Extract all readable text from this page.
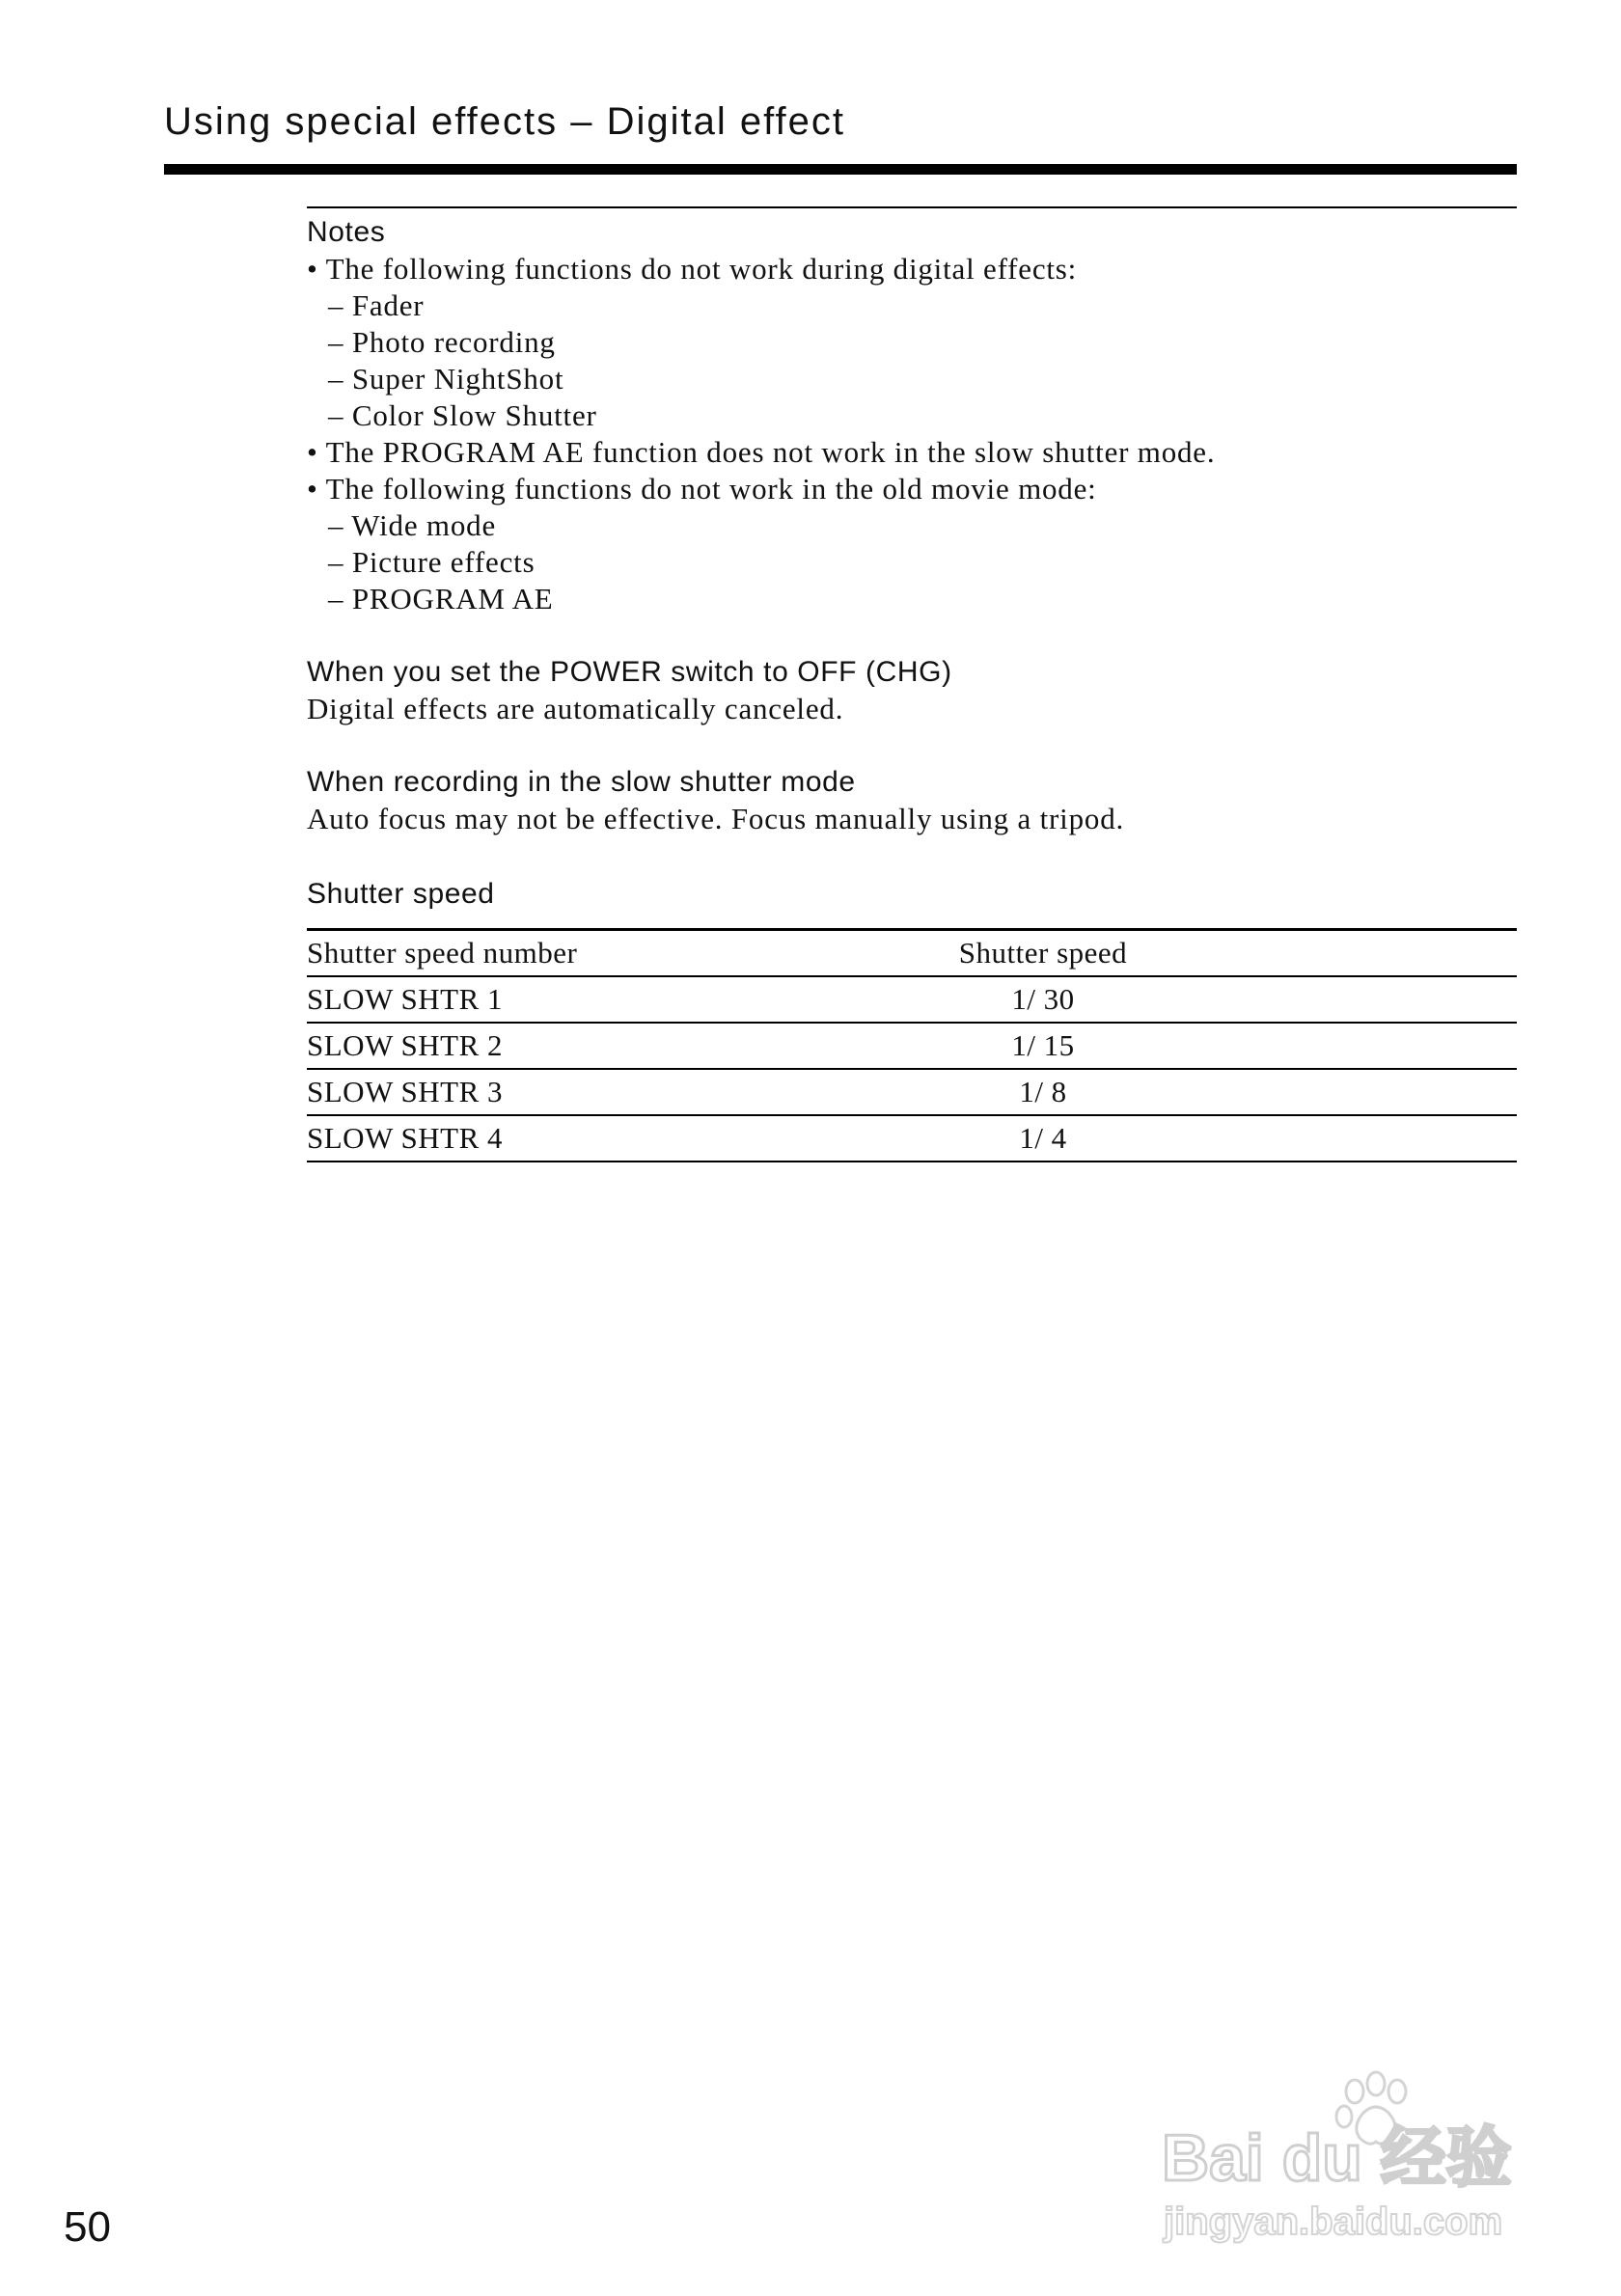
Using special effects – Digital effect

Notes

• The following functions do not work during digital effects:

– Fader

– Photo recording

– Super NightShot

– Color Slow Shutter

• The PROGRAM AE function does not work in the slow shutter mode.

• The following functions do not work in the old movie mode:

– Wide mode

– Picture effects

– PROGRAM AE

When you set the POWER switch to OFF (CHG)

Digital effects are automatically canceled.

When recording in the slow shutter mode

Auto focus may not be effective. Focus manually using a tripod.

Shutter speed

Shutter speed number	Shutter speed
SLOW SHTR 1	1/ 30
SLOW SHTR 2	1/ 15
SLOW SHTR 3	1/ 8
SLOW SHTR 4	1/ 4
50
Bai du 经验
jingyan.baidu.com
